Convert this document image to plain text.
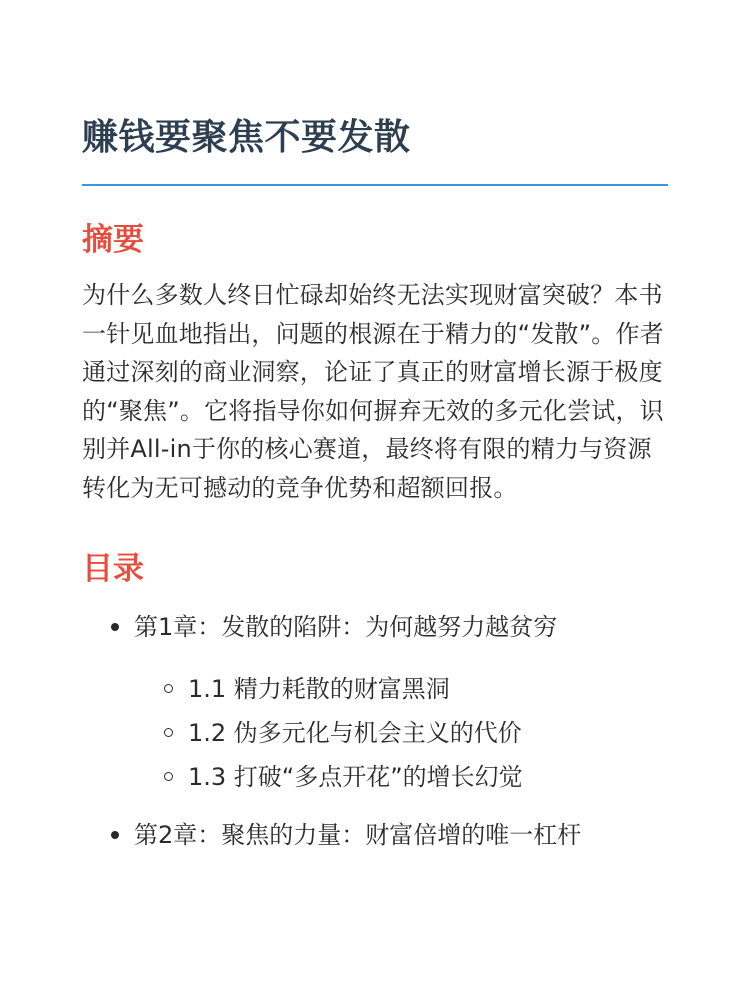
赚钱要聚焦不要发散
摘要

为什么多数人终日忙碌却始终无法实现财富突破？本书一针见血地指出，问题的根源在于精力的“发散”。作者通过深刻的商业洞察，论证了真正的财富增长源于极度的“聚焦”。它将指导你如何摒弃无效的多元化尝试，识别并All-in于你的核心赛道，最终将有限的精力与资源转化为无可撼动的竞争优势和超额回报。

目录
第1章：发散的陷阱：为何越努力越贫穷
1.1 精力耗散的财富黑洞
1.2 伪多元化与机会主义的代价
1.3 打破“多点开花”的增长幻觉
第2章：聚焦的力量：财富倍增的唯一杠杆
